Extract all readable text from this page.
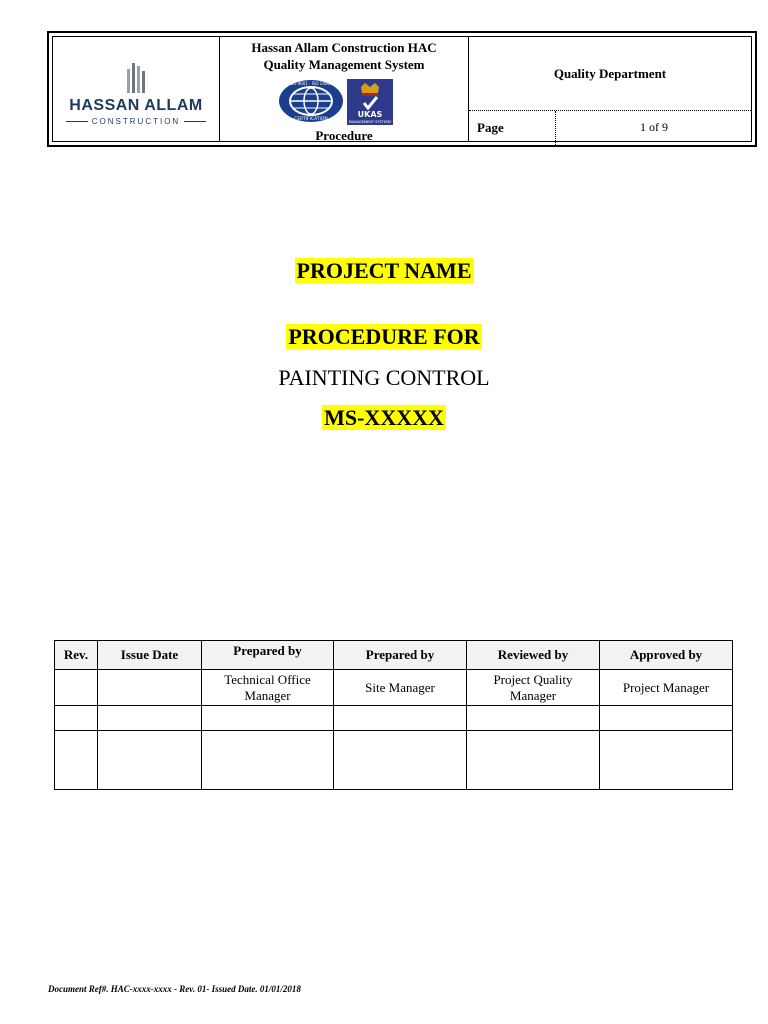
HASSAN ALLAM
CONSTRUCTION
Hassan Allam Construction HAC
Quality Management System
ISO 9001 · ISO 14001
CERTIFICATION
UKAS
MANAGEMENT SYSTEMS
Procedure
Quality Department
Page	1 of 9
PROJECT NAME
PROCEDURE FOR
PAINTING CONTROL
MS-XXXXX
Rev.	Issue Date	Prepared by	Prepared by	Reviewed by	Approved by
		Technical Office Manager	Site Manager	Project Quality Manager	Project Manager

Document Ref#. HAC-xxxx-xxxx - Rev. 01- Issued Date. 01/01/2018
